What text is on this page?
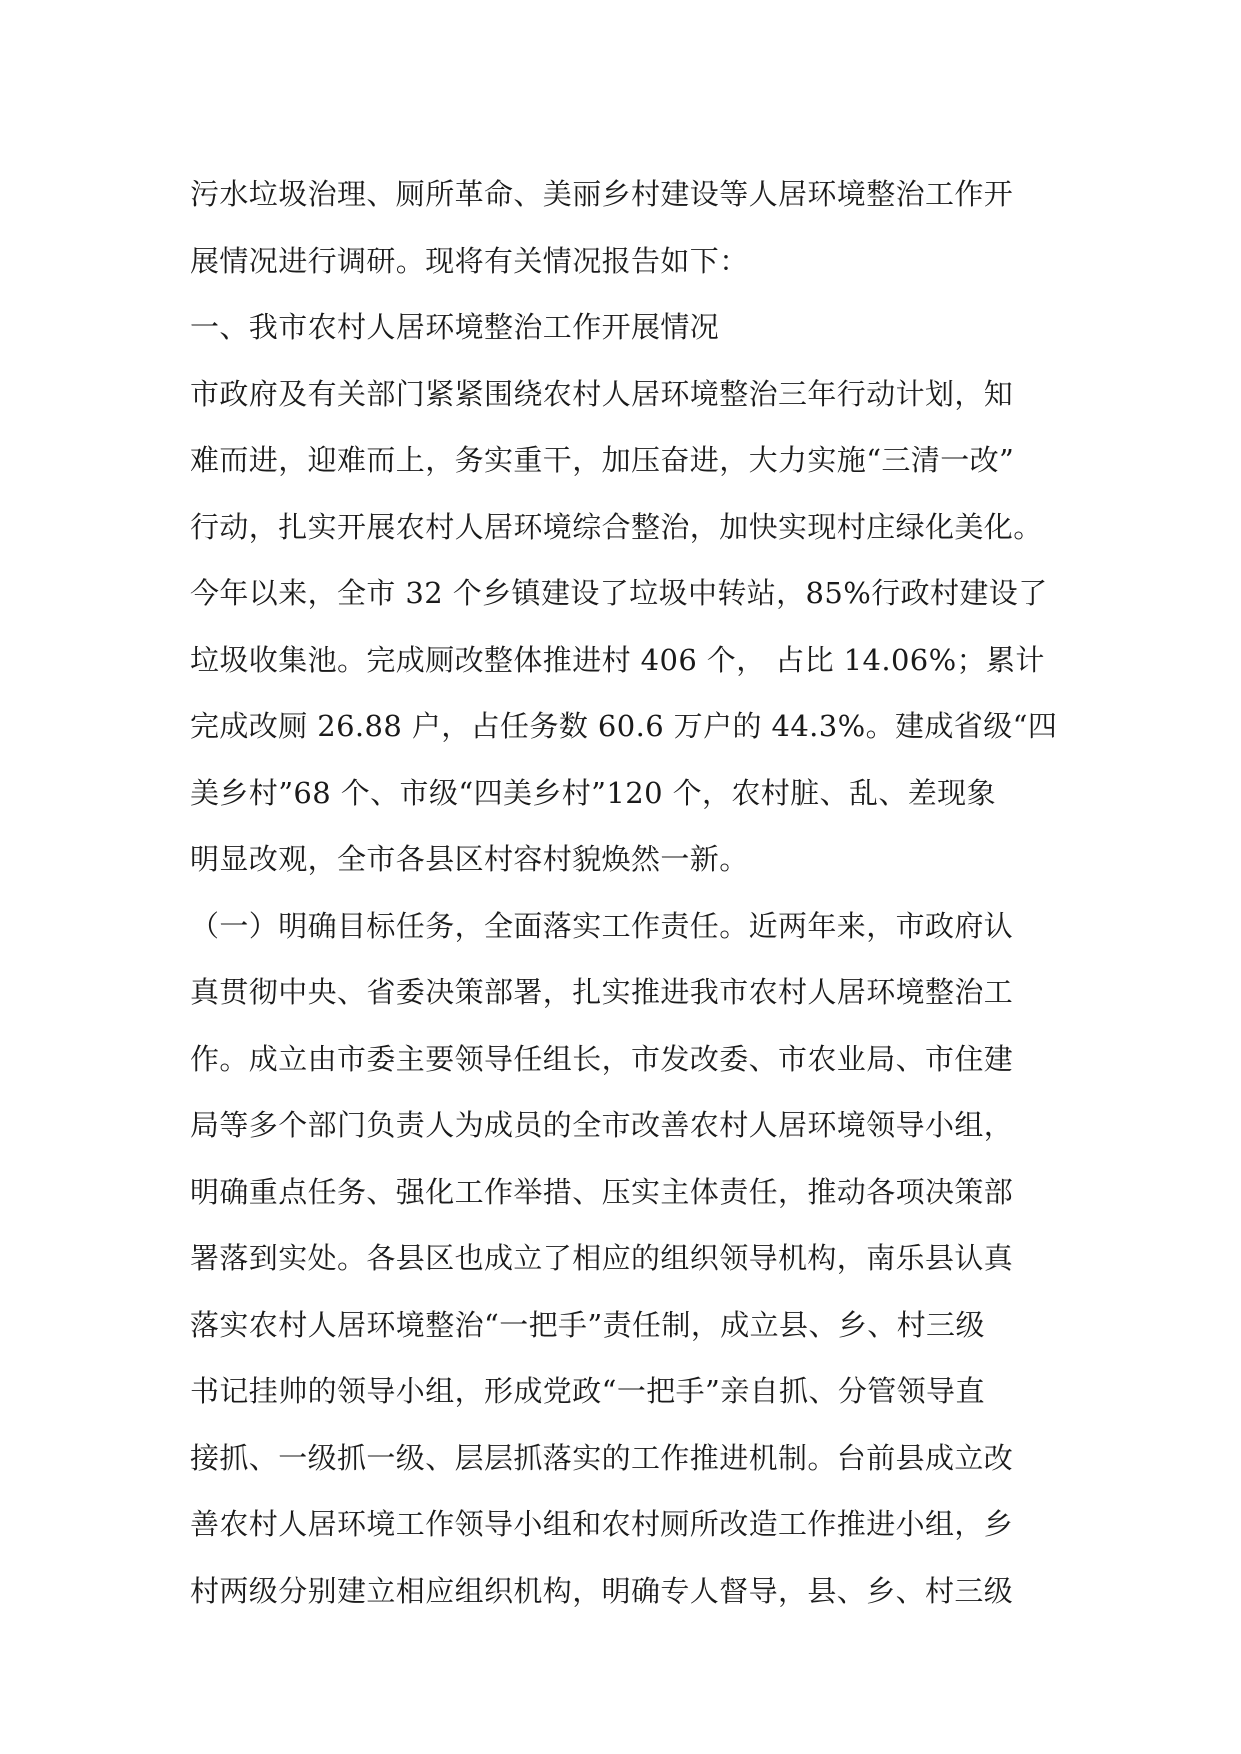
污水垃圾治理、厕所革命、美丽乡村建设等人居环境整治工作开
展情况进行调研。现将有关情况报告如下：
一、我市农村人居环境整治工作开展情况
市政府及有关部门紧紧围绕农村人居环境整治三年行动计划，知
难而进，迎难而上，务实重干，加压奋进，大力实施“三清一改”
行动，扎实开展农村人居环境综合整治，加快实现村庄绿化美化。
今年以来，全市 32 个乡镇建设了垃圾中转站，85%行政村建设了
垃圾收集池。完成厕改整体推进村 406 个， 占比 14.06%；累计
完成改厕 26.88 户，占任务数 60.6 万户的 44.3%。建成省级“四
美乡村”68 个、市级“四美乡村”120 个，农村脏、乱、差现象
明显改观，全市各县区村容村貌焕然一新。
（一）明确目标任务，全面落实工作责任。近两年来，市政府认
真贯彻中央、省委决策部署，扎实推进我市农村人居环境整治工
作。成立由市委主要领导任组长，市发改委、市农业局、市住建
局等多个部门负责人为成员的全市改善农村人居环境领导小组，
明确重点任务、强化工作举措、压实主体责任，推动各项决策部
署落到实处。各县区也成立了相应的组织领导机构，南乐县认真
落实农村人居环境整治“一把手”责任制，成立县、乡、村三级
书记挂帅的领导小组，形成党政“一把手”亲自抓、分管领导直
接抓、一级抓一级、层层抓落实的工作推进机制。台前县成立改
善农村人居环境工作领导小组和农村厕所改造工作推进小组，乡
村两级分别建立相应组织机构，明确专人督导，县、乡、村三级
